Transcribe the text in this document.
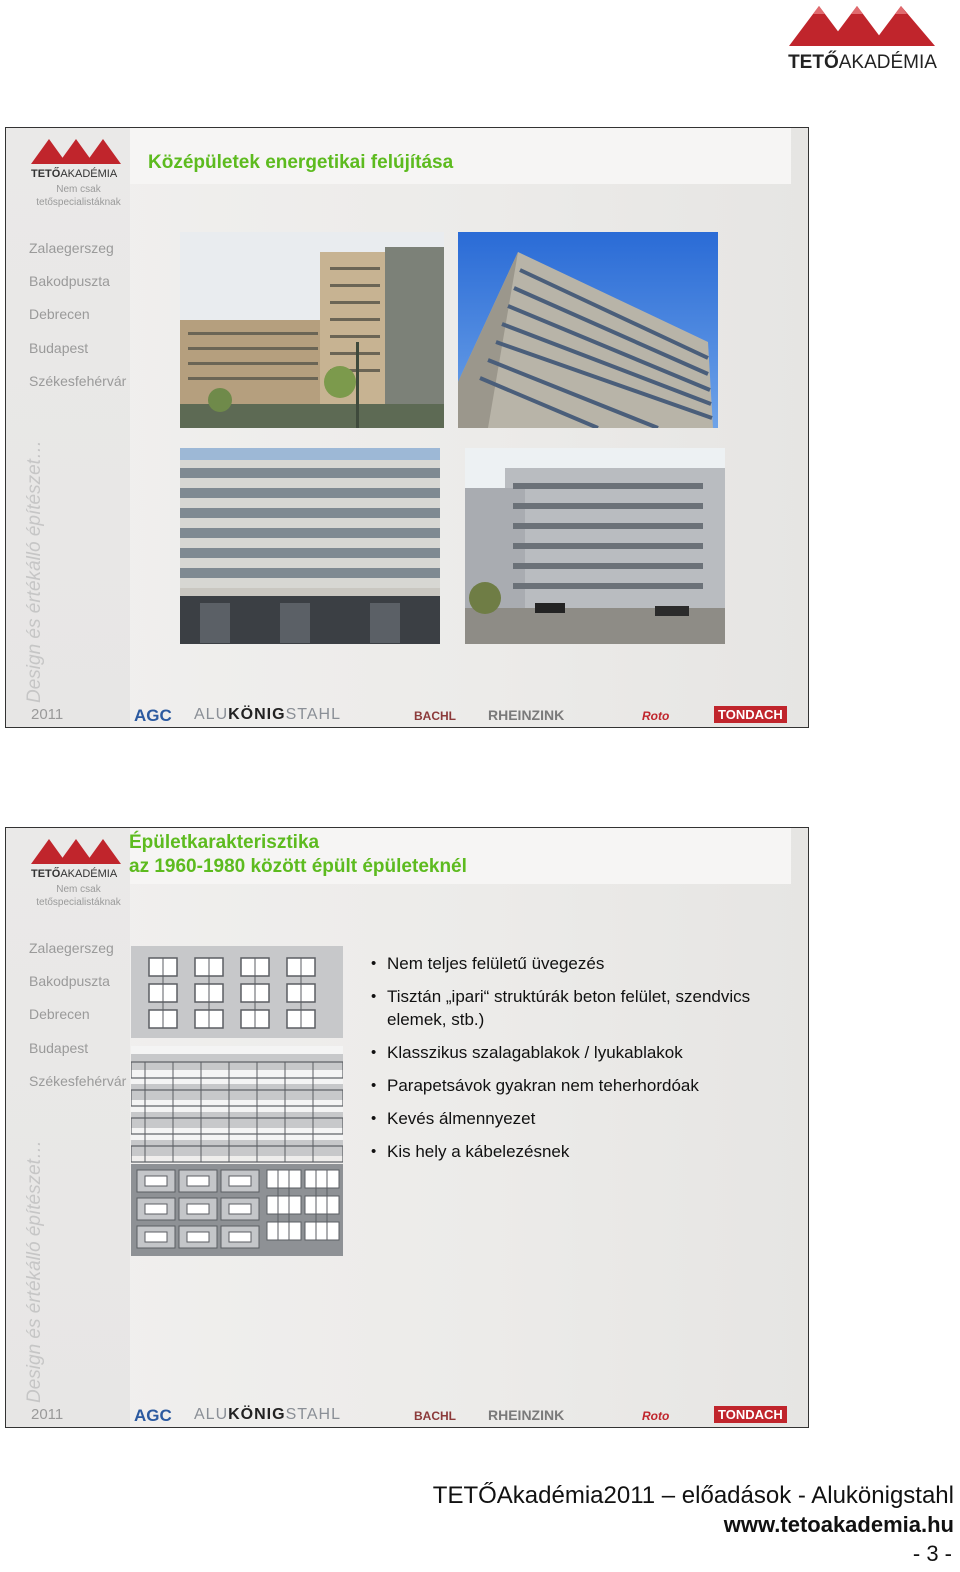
TETŐAKADÉMIA
TETŐAKADÉMIA
Nem csak
tetőspecialistáknak
Zalaegerszeg
Bakodpuszta
Debrecen
Budapest
Székesfehérvár
Design és értékálló építészet…
2011
Középületek energetikai felújítása
AGC ALUKÖNIGSTAHL	BACHL RHEINZINK	Roto	TONDACH
TETŐAKADÉMIA
Nem csak
tetőspecialistáknak
Zalaegerszeg
Bakodpuszta
Debrecen
Budapest
Székesfehérvár
Design és értékálló építészet…
2011
Épületkarakterisztika
az 1960-1980 között épült épületeknél
• Nem teljes felületű üvegezés
• Tisztán „ipari“ struktúrák beton felület, szendvics elemek, stb.)
• Klasszikus szalagablakok / lyukablakok
• Parapetsávok gyakran nem teherhordóak
• Kevés álmennyezet
• Kis hely a kábelezésnek
AGC ALUKÖNIGSTAHL	BACHL RHEINZINK	Roto	TONDACH
TETŐAkadémia2011 – előadások - Alukönigstahl
www.tetoakademia.hu
- 3 -
